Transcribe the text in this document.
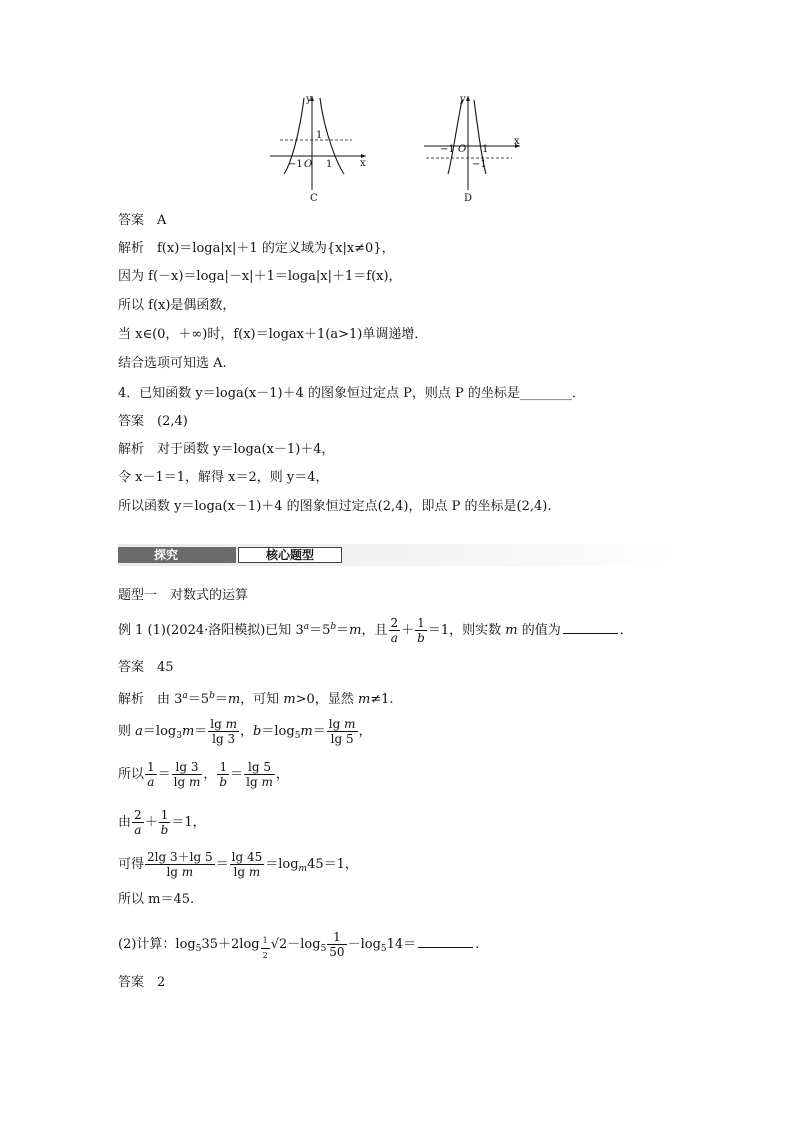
y
x
1
−1 O 1
C
y
x
−1 O 1
−1
D
答案　A
解析　f(x)＝loga|x|＋1 的定义域为{x|x≠0}，
因为 f(－x)＝loga|－x|＋1＝loga|x|＋1＝f(x)，
所以 f(x)是偶函数，
当 x∈(0，＋∞)时，f(x)＝logax＋1(a>1)单调递增．
结合选项可知选 A.
4．已知函数 y＝loga(x－1)＋4 的图象恒过定点 P，则点 P 的坐标是________．
答案　(2,4)
解析　对于函数 y＝loga(x－1)＋4，
令 x－1＝1，解得 x＝2，则 y＝4，
所以函数 y＝loga(x－1)＋4 的图象恒过定点(2,4)，即点 P 的坐标是(2,4).
探究	核心题型
题型一　对数式的运算
例 1 (1)(2024·洛阳模拟)已知 $3^a=5^b=m$，且 $\frac{2}{a} + \frac{1}{b} =1$，则实数 m 的值为	．
答案　45
解析　由 $3^a=5^b=m$，可知 m>0，显然 m≠1.
则 $a=\log_3m= \frac{\text{lg m}}{\lg 3}$ ，$b=\log_5m= \frac{\text{lg m}}{\lg 5}$ ，
所以 $\frac{1}{a} = \frac{\lg 3}{\text{lg m}}$ ， $\frac{1}{b} = \frac{\lg 5}{\text{lg m}}$ ，
由 $\frac{2}{a} + \frac{1}{b} =1$，
可得 $\frac{2\lg 3+\lg 5}{\text{lg m}} = \frac{\lg 45}{\text{lg m}} =\log_m45=1$，
所以 m＝45.
(2)计算：$\log_535+2\log$ $_{\frac{1}{2}}$ $√2-\log_5 \frac{1}{50} -\log_514=$	.
答案　2
